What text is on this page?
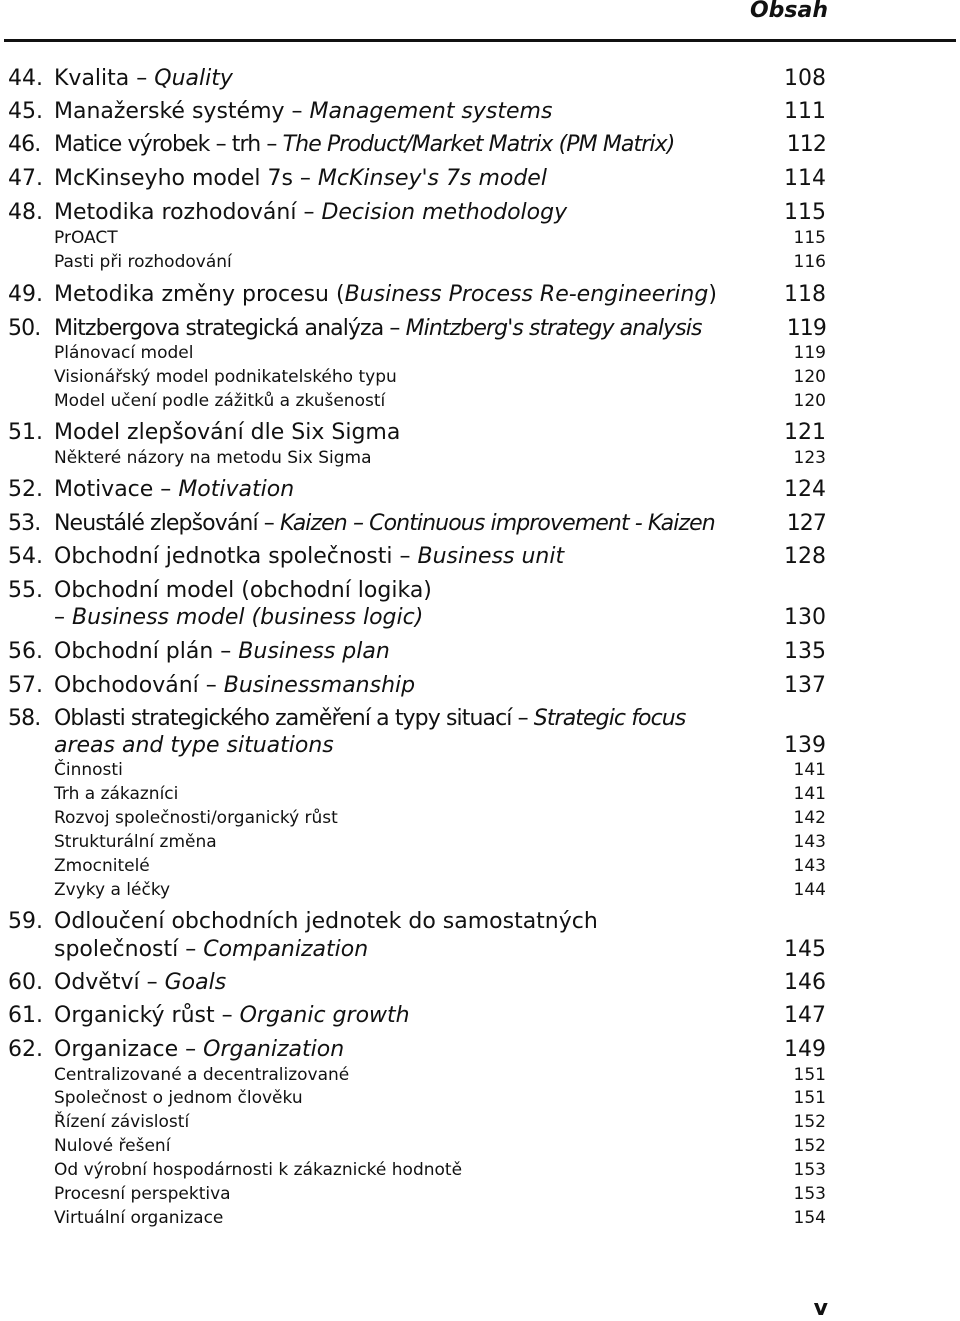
Obsah
44. Kvalita – Quality	108
45. Manažerské systémy – Management systems	111
46. Matice výrobek – trh – The Product/Market Matrix (PM Matrix)	112
47. McKinseyho model 7s – McKinsey's 7s model	114
48. Metodika rozhodování – Decision methodology	115
PrOACT	115
Pasti při rozhodování	116
49. Metodika změny procesu (Business Process Re-engineering)	118
50. Mitzbergova strategická analýza – Mintzberg's strategy analysis	119
Plánovací model	119
Visionářský model podnikatelského typu	120
Model učení podle zážitků a zkušeností	120
51. Model zlepšování dle Six Sigma	121
Některé názory na metodu Six Sigma	123
52. Motivace – Motivation	124
53. Neustálé zlepšování – Kaizen – Continuous improvement - Kaizen	127
54. Obchodní jednotka společnosti – Business unit	128
55. Obchodní model (obchodní logika)
– Business model (business logic)	130
56. Obchodní plán – Business plan	135
57. Obchodování – Businessmanship	137
58. Oblasti strategického zaměření a typy situací – Strategic focus
areas and type situations	139
Činnosti	141
Trh a zákazníci	141
Rozvoj společnosti/organický růst	142
Strukturální změna	143
Zmocnitelé	143
Zvyky a léčky	144
59. Odloučení obchodních jednotek do samostatných
společností – Companization	145
60. Odvětví – Goals	146
61. Organický růst – Organic growth	147
62. Organizace – Organization	149
Centralizované a decentralizované	151
Společnost o jednom člověku	151
Řízení závislostí	152
Nulové řešení	152
Od výrobní hospodárnosti k zákaznické hodnotě	153
Procesní perspektiva	153
Virtuální organizace	154
v
